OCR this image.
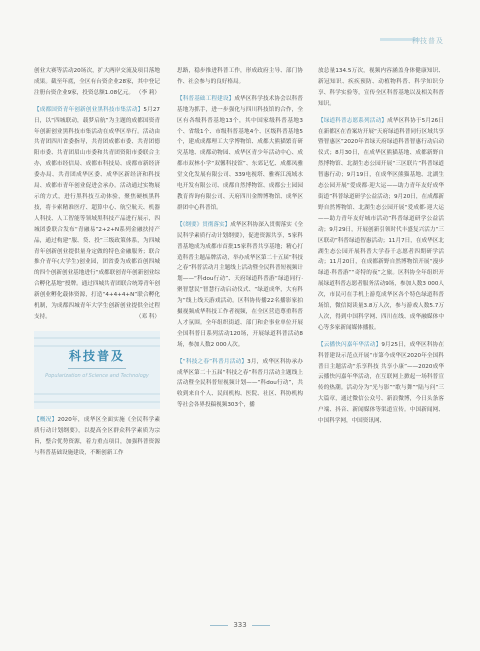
科技普及

创业大赛等活动20场次，扩大两岸交流及项目落地成果。截至年底，全区有台资企业28家，其中登记注册台资企业9家，投资总额1.08亿元。 （李 莉）

【成都国资青年创新创业黑科技市集活动】5月27日，以“四城联动，载梦启航”为主题的成都国资青年创新创业黑科技市集活动在成华区举行。活动由共青团四川省委指导，共青团成都市委、共青团德阳市委、共青团眉山市委和共青团资阳市委联合主办，成都市经信局、成都市科技局、成都市新经济委办局、共青团成华区委、成华区新经济和科技局、成都市青年创业促进会承办。活动通过实物展示的方式，进行黑科技互动体验，聚焦硬核黑科技，将卡索精准医疗、超算中心、航空航天、机器人科技、人工智能等领域黑科技产品进行展示，四城团委联合发布“青融易”2+2+N系列金融扶持产品，通过构建“服、贷、投”三级政策体系，为四城青年创新创业提供量身定做的特色金融服务；联合推介青年(大学生)创业园，团省委为成都首创四城的四个创新创业基地进行“成都联创青年创新创业综合孵化基地”授牌。通过四城共青团联合统筹青年创新创业孵化载体资源，打造“4+4+4+N”联合孵化机制，为成都四城青年大学生创新创业提供全过程支持。	（邓 科）

科技普及
Popularization of Science and Technology

【概况】2020年，成华区全面实施《全民科学素质行动计划纲要》，以提高全区群众科学素质为宗旨，整合优势资源，着力重点项目，加强科普资源与科普基础设施建设，不断创新工作

思路，稳步推进科普工作，形成政府主导、部门协作、社会参与的良好格局。

【科普基础工程建设】成华区科学技术协会以科普基地为抓手，进一步强化与四川科技馆的合作，全区有各级科普基地13个，其中国家级科普基地3个、省级1个、市级科普基地4个、区级科普基地5个，建成成都理工大学博物馆、成都大熊猫繁育研究基地、成都动物园、成华区青少年活动中心、成都市双林小学“双馨科技馆”、东郊记忆、成都凤雅堂文化发展有限公司、339电视塔、雅赛江流域水电开发有限公司、成都自然博物馆、成都公土园园教育咨询有限公司、天府四川金牌博物馆、成华区群团中心科普馆。

【《纲要》贯彻落实】成华区科协深入贯彻落实《全民科学素质行动计划纲要》，促进资源共享，5家科普基地成为成都市首批15家科普共享基地；精心打造科普主题品牌活动，举办成华区第二十五届“科技之春”科普活动月主题线上活动暨全民科普短视频计划——“科dou行动”、天府绿道科普游“绿道同行·聚智慧民”智慧行动启动仪式、“绿道成华，大有科为”线上线天游戏活动。区科协传播22名播影家拍摄视频成华科技工作者视频，在全区营造尊重科普人才氛围。全年组织街道、部门和企事业单位开展全国科普日系列活动120场，开展绿道科普活动8场，参加人数2 000人次。

【“科技之春”科普月活动】3月，成华区科协承办成华区第二十五届“科技之春”科普月活动主题线上活动暨全民科普短视频计划——“科dou行动”，共收到来自个人、民间机构、医院、社区、科协机构等社会各界投稿视频303个，播

放总量134.5万次，视频内容涵盖身体健康知识、新冠知识、疾疾预防、动植物科普、科学知识分享、科学实验等，宣传全区科普基地以及相关科普知识。

【绿道科普志愿系列活动】成华区科协于5月26日在新都区在香案坊开展“天府绿道科普同行区域共享暨智惠区”2020年省绿天府绿道科普智惠行动启动仪式；8月30日，在成华区熊猫基地、成都新野自然博物馆、北湖生态公园开展“三区联片”科普绿道智惠行动；9月19日，在成华区熊猫基地、北湖生态公园开展“爱成都·迎大运——助力青年友好成华街道”科普绿道研学公益活动；9月20日，在成都新野自然博物馆、北湖生态公园开展“爱成都·迎大运——助力青年友好城市活动”科普绿道研学公益活动；9月29日，开展创新引领时代丰盛复兴活力“三区联动”科普绿道智惠活动；11月7日，在成华区北湖生态公园开展科普大学春千志愿者四期研学活动；11月20日，在成都新野自然博物馆开展“漫步绿道·科普游”“奇特的夜”之旅。区科协全年组织开展绿道科普志愿者服务活动9场，参加人数3 000人次，市民可在手机上游览成华区各个特色绿道科普场馆，微信阅读量3.8万人次，参与游戏人数5.7万人次，得到中国科学网、四川在线、成华融媒体中心等多家新闻媒体播报。

【云播快闪嘉年华活动】9月25日，成华区科协在科普建设示范点开展“市第今成华区2020年全国科普日主题活动“乐享科技 共享小康”——2020成华云播快闪嘉年华活动，在互联网上掀起一场科普宣传的热潮。活动分为“光与影”“歌与舞”“陆与问”三大篇章，通过微信公众号、新浪微博，今日头条客户端、抖音、新闻媒体等渠道宣传。中国新闻网、中国科学网，中国资讯网、

333
